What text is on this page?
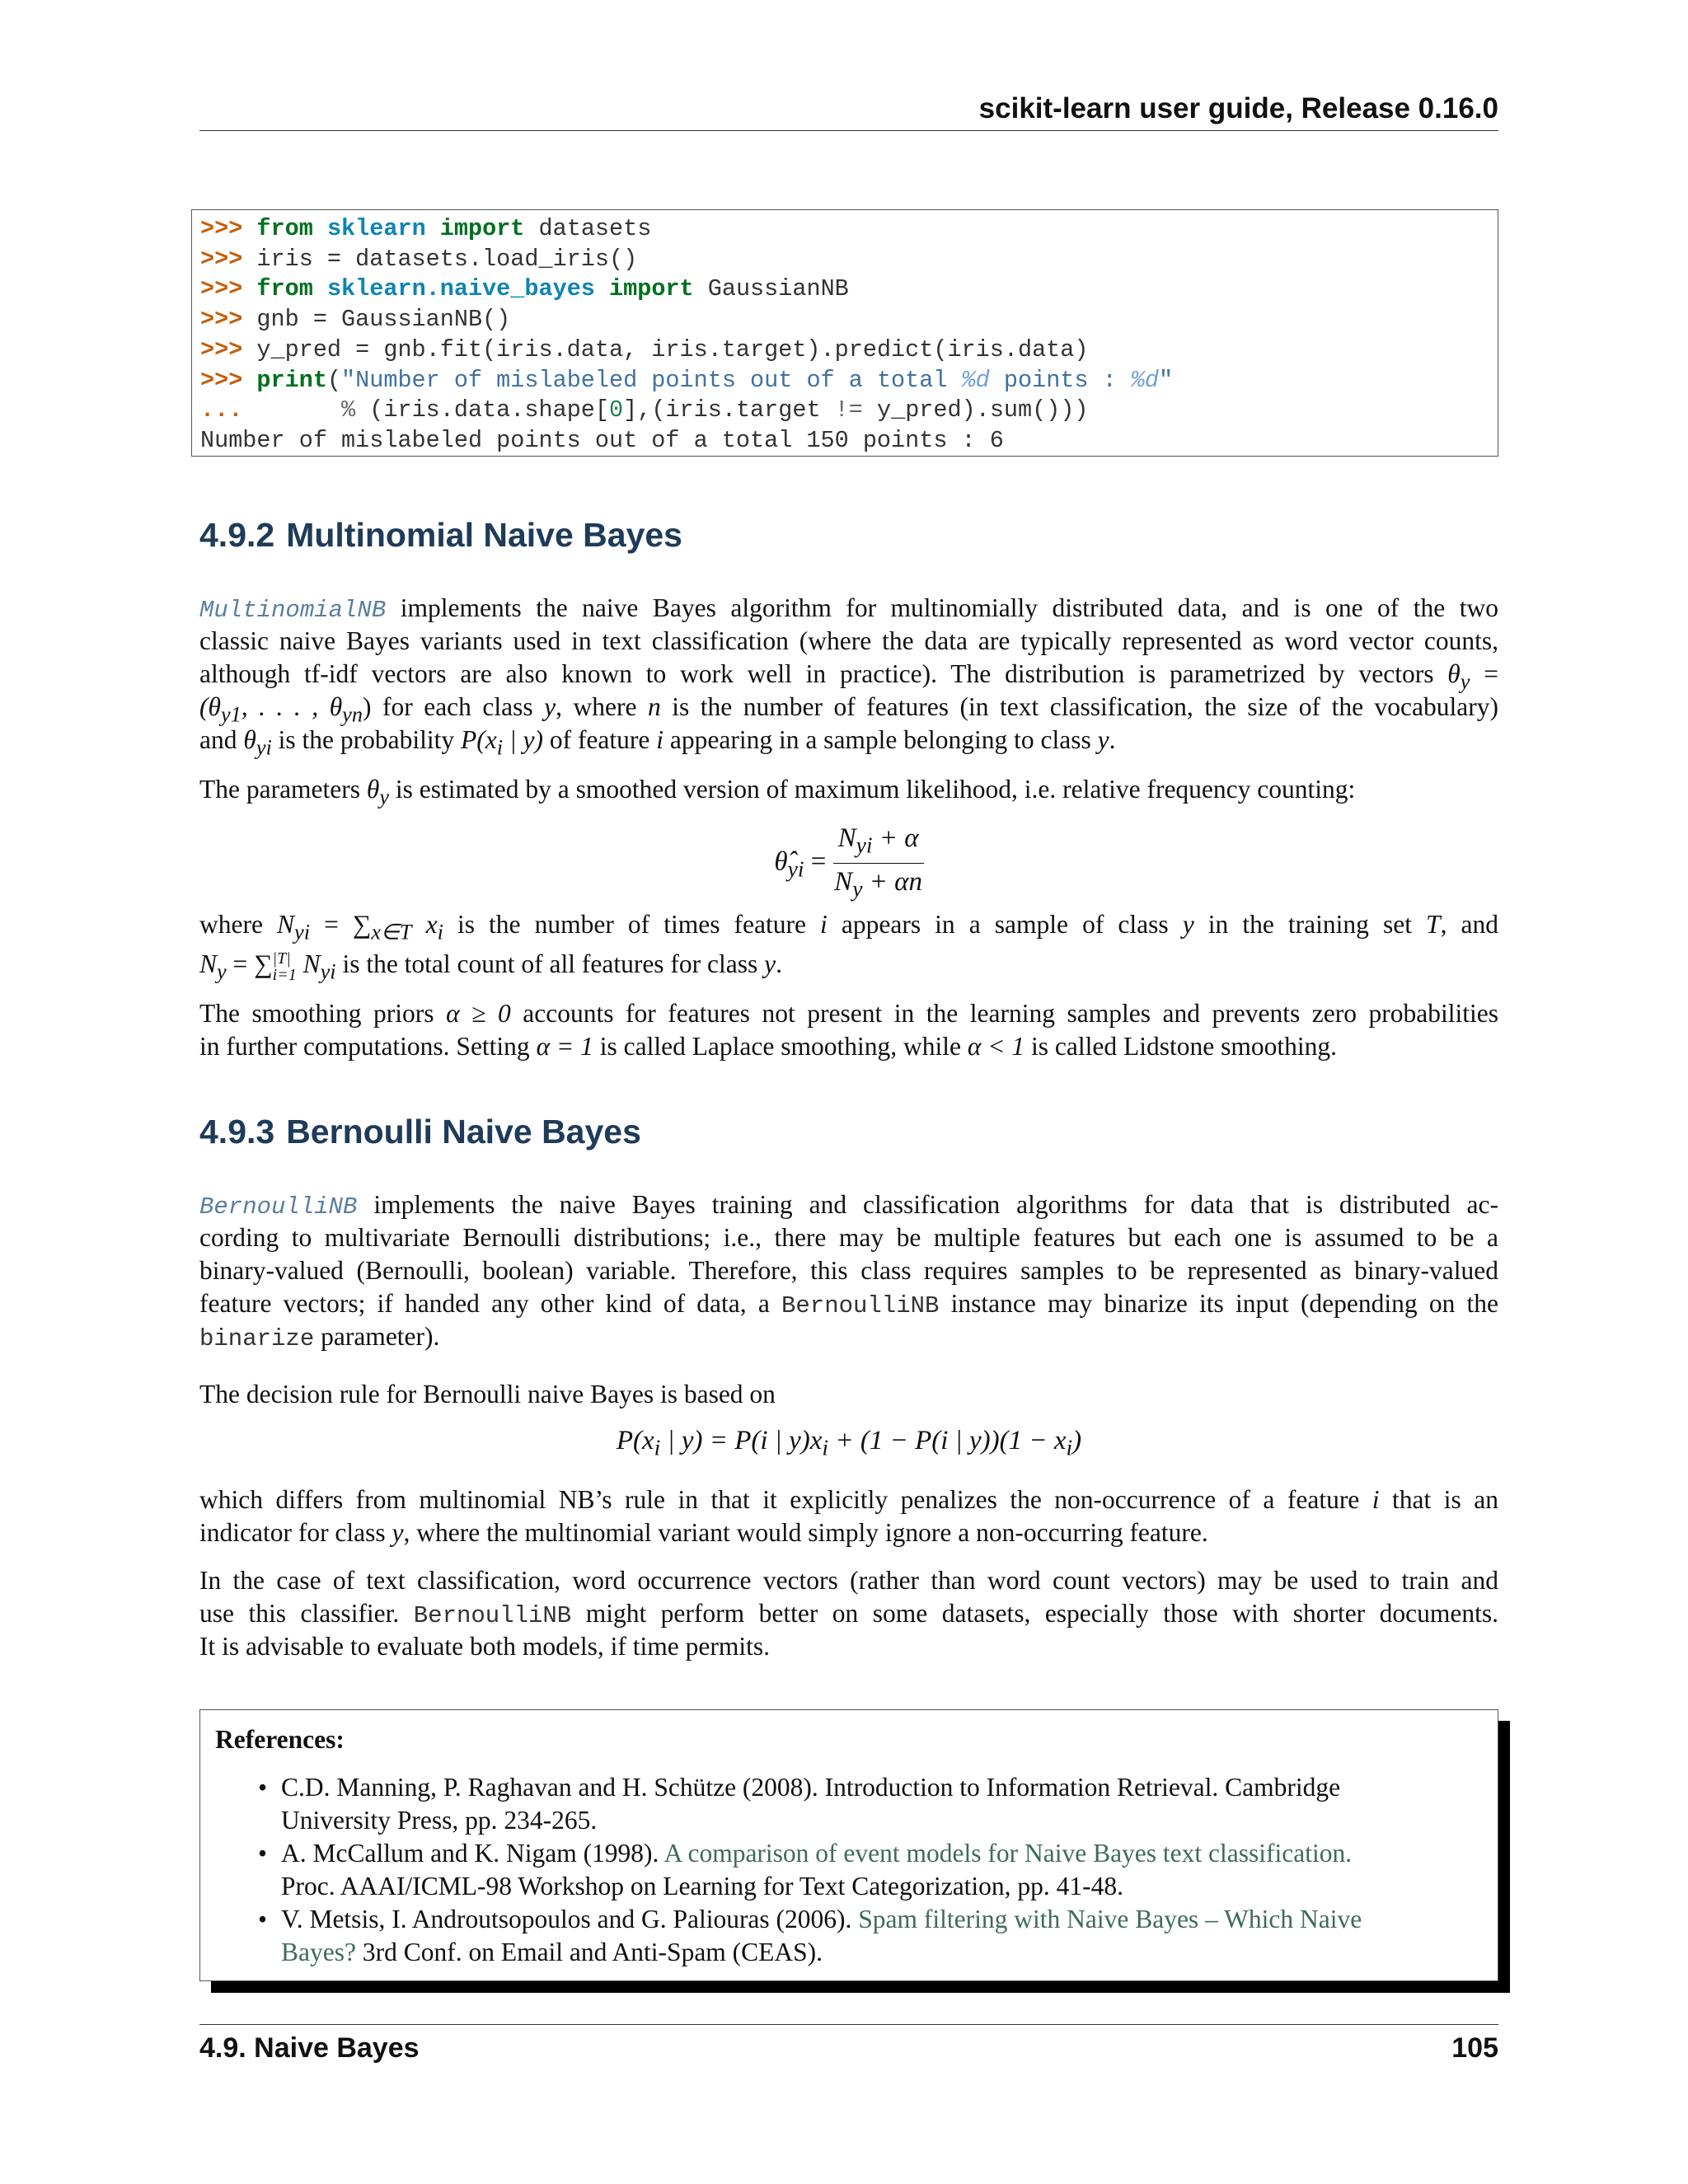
scikit-learn user guide, Release 0.16.0
>>> from sklearn import datasets
>>> iris = datasets.load_iris()
>>> from sklearn.naive_bayes import GaussianNB
>>> gnb = GaussianNB()
>>> y_pred = gnb.fit(iris.data, iris.target).predict(iris.data)
>>> print("Number of mislabeled points out of a total %d points : %d"
...	% (iris.data.shape[0],(iris.target != y_pred).sum()))
Number of mislabeled points out of a total 150 points : 6
4.9.2 Multinomial Naive Bayes
MultinomialNB implements the naive Bayes algorithm for multinomially distributed data, and is one of the two
classic naive Bayes variants used in text classification (where the data are typically represented as word vector counts,
although tf-idf vectors are also known to work well in practice). The distribution is parametrized by vectors $\theta_y$ =
($\theta_{y1}$, . . . , $\theta_{yn}$) for each class y, where n is the number of features (in text classification, the size of the vocabulary)
and $\theta_{yi}$ is the probability $P(x_i$ | y) of feature i appearing in a sample belonging to class y.
The parameters $\theta_y$ is estimated by a smoothed version of maximum likelihood, i.e. relative frequency counting:
$\thetâ_{yi} = \frac{N_{yi} + \alpha}{N_y + \alpha n}$
where $N_{yi} = \sum_{x\in T}$ $x_i$ is the number of times feature i appears in a sample of class y in the training set T, and
$N_y$ = ∑ |T|
i=1 $N_{yi}$ is the total count of all features for class y.
The smoothing priors α ≥ 0 accounts for features not present in the learning samples and prevents zero probabilities
in further computations. Setting α = 1 is called Laplace smoothing, while α < 1 is called Lidstone smoothing.
4.9.3 Bernoulli Naive Bayes
BernoulliNB implements the naive Bayes training and classification algorithms for data that is distributed ac-
cording to multivariate Bernoulli distributions; i.e., there may be multiple features but each one is assumed to be a
binary-valued (Bernoulli, boolean) variable. Therefore, this class requires samples to be represented as binary-valued
feature vectors; if handed any other kind of data, a BernoulliNB instance may binarize its input (depending on the
binarize parameter).
The decision rule for Bernoulli naive Bayes is based on
$P(x_i$ | y) = P(i | $y)x_i + (1 - P(i$ | $y))(1 - x_i)$
which differs from multinomial NB’s rule in that it explicitly penalizes the non-occurrence of a feature i that is an
indicator for class y, where the multinomial variant would simply ignore a non-occurring feature.
In the case of text classification, word occurrence vectors (rather than word count vectors) may be used to train and
use this classifier. BernoulliNB might perform better on some datasets, especially those with shorter documents.
It is advisable to evaluate both models, if time permits.
References:
• C.D. Manning, P. Raghavan and H. Schütze (2008). Introduction to Information Retrieval. Cambridge
University Press, pp. 234-265.
• A. McCallum and K. Nigam (1998). A comparison of event models for Naive Bayes text classification.
Proc. AAAI/ICML-98 Workshop on Learning for Text Categorization, pp. 41-48.
• V. Metsis, I. Androutsopoulos and G. Paliouras (2006). Spam filtering with Naive Bayes – Which Naive
Bayes? 3rd Conf. on Email and Anti-Spam (CEAS).
4.9. Naive Bayes	105
